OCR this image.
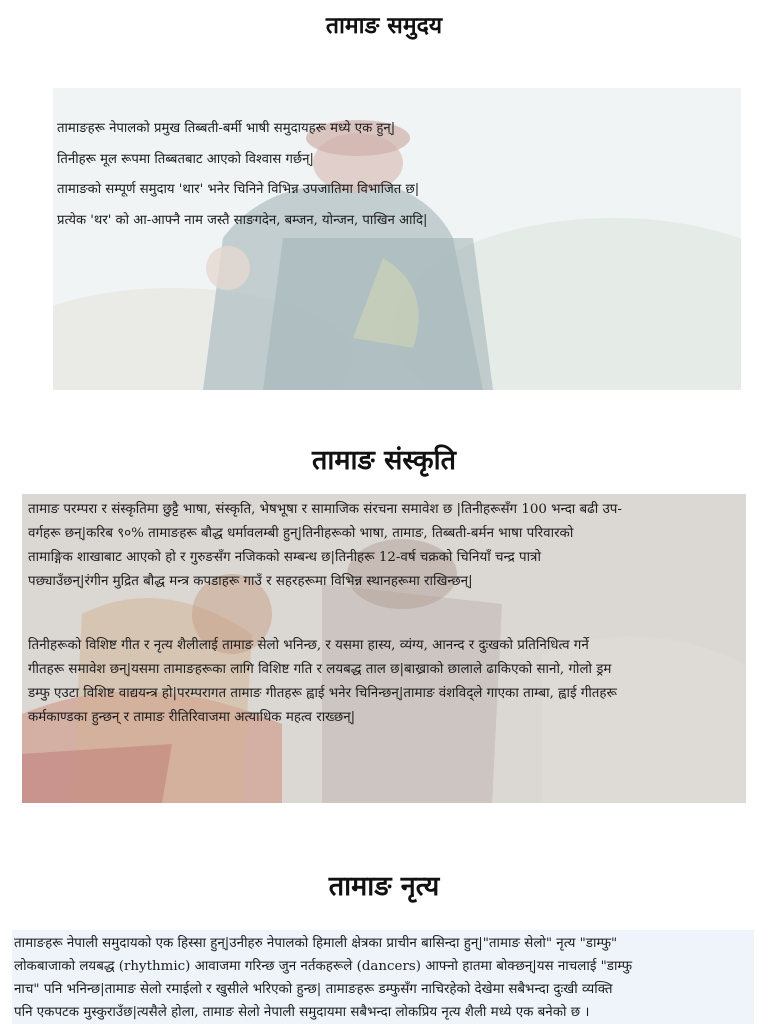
तामाङ समुदय
तामाङहरू नेपालको प्रमुख तिब्बती-बर्मी भाषी समुदायहरू मध्ये एक हुन्|
तिनीहरू मूल रूपमा तिब्बतबाट आएको विश्वास गर्छन्|
तामाङको सम्पूर्ण समुदाय 'थार' भनेर चिनिने विभिन्न उपजातिमा विभाजित छ|
प्रत्येक 'थर' को आ-आफ्नै नाम जस्तै साङगदेन, बम्जन, योन्जन, पाखिन आदि|
तामाङ संस्कृति
तामाङ परम्परा र संस्कृतिमा छुट्टै भाषा, संस्कृति, भेषभूषा र सामाजिक संरचना समावेश छ |तिनीहरूसँग 100 भन्दा बढी उप-
वर्गहरू छन्|करिब ९०% तामाङहरू बौद्ध धर्मावलम्बी हुन्|तिनीहरूको भाषा, तामाङ, तिब्बती-बर्मन भाषा परिवारको
तामाङ्गिक शाखाबाट आएको हो र गुरुङसँग नजिकको सम्बन्ध छ|तिनीहरू 12-वर्ष चक्रको चिनियाँ चन्द्र पात्रो
पछ्याउँछन्|रंगीन मुद्रित बौद्ध मन्त्र कपडाहरू गाउँ र सहरहरूमा विभिन्न स्थानहरूमा राखिन्छन्|
तिनीहरूको विशिष्ट गीत र नृत्य शैलीलाई तामाङ सेलो भनिन्छ, र यसमा हास्य, व्यंग्य, आनन्द र दुःखको प्रतिनिधित्व गर्ने
गीतहरू समावेश छन्|यसमा तामाङहरूका लागि विशिष्ट गति र लयबद्ध ताल छ|बाख्राको छालाले ढाकिएको सानो, गोलो ड्रम
डम्फु एउटा विशिष्ट वाद्ययन्त्र हो|परम्परागत तामाङ गीतहरू ह्वाई भनेर चिनिन्छन्|तामाङ वंशविद्ले गाएका ताम्बा, ह्वाई गीतहरू
कर्मकाण्डका हुन्छन् र तामाङ रीतिरिवाजमा अत्याधिक महत्व राख्छन्|
तामाङ नृत्य
तामाङहरू नेपाली समुदायको एक हिस्सा हुन्|उनीहरु नेपालको हिमाली क्षेत्रका प्राचीन बासिन्दा हुन्|"तामाङ सेलो" नृत्य "डाम्फु"
लोकबाजाको लयबद्ध (rhythmic) आवाजमा गरिन्छ जुन नर्तकहरूले (dancers) आफ्नो हातमा बोक्छन्|यस नाचलाई "डाम्फु
नाच" पनि भनिन्छ|तामाङ सेलो रमाईलो र खुसीले भरिएको हुन्छ| तामाङहरू डम्फुसँग नाचिरहेको देखेमा सबैभन्दा दुःखी व्यक्ति
पनि एकपटक मुस्कुराउँछ|त्यसैले होला, तामाङ सेलो नेपाली समुदायमा सबैभन्दा लोकप्रिय नृत्य शैली मध्ये एक बनेको छ ।
